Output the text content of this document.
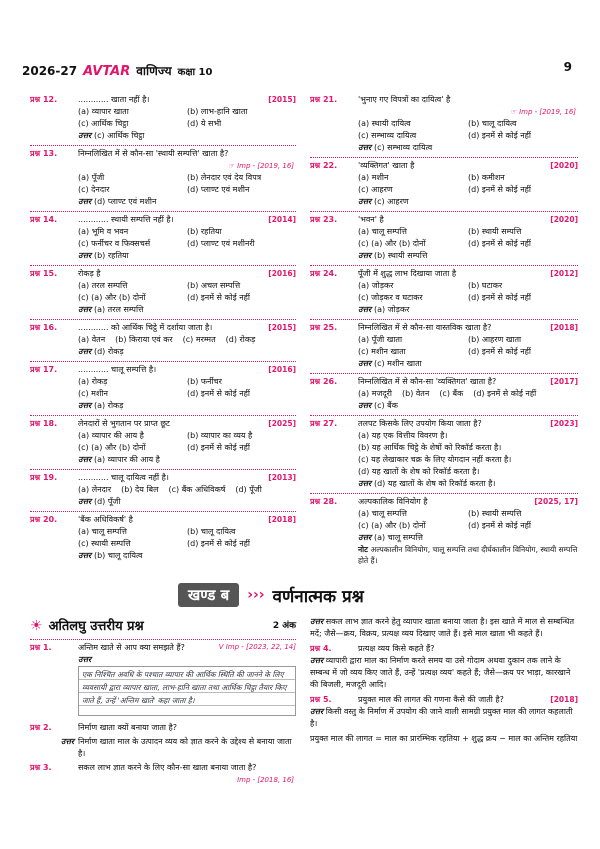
2026-27 AVTAR वाणिज्य कक्षा 10	9
प्रश्न 12.	............ खाता नहीं है।	[2015]
(a) व्यापार खाता	(b) लाभ-हानि खाता
(c) आर्थिक चिट्ठा	(d) ये सभी
उत्तर (c) आर्थिक चिट्ठा
प्रश्न 13.	निम्नलिखित में से कौन-सा 'स्थायी सम्पत्ति' खाता है?
☞ Imp - [2019, 16]
(a) पूँजी	(b) लेनदार एवं देय विपत्र
(c) देनदार	(d) प्लाण्ट एवं मशीन
उत्तर (d) प्लाण्ट एवं मशीन
प्रश्न 14.	............ स्थायी सम्पत्ति नहीं है।	[2014]
(a) भूमि व भवन	(b) रहतिया
(c) फर्नीचर व फिक्सचर्स	(d) प्लाण्ट एवं मशीनरी
उत्तर (b) रहतिया
प्रश्न 15.	रोकड़ है	[2016]
(a) तरल सम्पत्ति	(b) अचल सम्पत्ति
(c) (a) और (b) दोनों	(d) इनमें से कोई नहीं
उत्तर (a) तरल सम्पत्ति
प्रश्न 16.	............ को आर्थिक चिट्ठे में दर्शाया जाता है।	[2015]
(a) वेतन (b) किराया एवं कर (c) मरम्मत (d) रोकड़
उत्तर (d) रोकड़
प्रश्न 17.	............ चालू सम्पत्ति है।	[2016]
(a) रोकड़	(b) फर्नीचर
(c) मशीन	(d) इनमें से कोई नहीं
उत्तर (a) रोकड़
प्रश्न 18.	लेनदारों से भुगतान पर प्राप्त छूट	[2025]
(a) व्यापार की आय है	(b) व्यापार का व्यय है
(c) (a) और (b) दोनों	(d) इनमें से कोई नहीं
उत्तर (a) व्यापार की आय है
प्रश्न 19.	............ चालू दायित्व नहीं है।	[2013]
(a) लेनदार (b) देय बिल (c) बैंक अधिविकर्ष (d) पूँजी
उत्तर (d) पूँजी
प्रश्न 20.	'बैंक अधिविकर्ष' है	[2018]
(a) चालू सम्पत्ति	(b) चालू दायित्व
(c) स्थायी सम्पत्ति	(d) इनमें से कोई नहीं
उत्तर (b) चालू दायित्व
प्रश्न 21.	'भुनाए गए विपत्रों का दायित्व' है
☞ Imp - [2019, 16]
(a) स्थायी दायित्व	(b) चालू दायित्व
(c) सम्भाव्य दायित्व	(d) इनमें से कोई नहीं
उत्तर (c) सम्भाव्य दायित्व
प्रश्न 22.	'व्यक्तिगत' खाता है	[2020]
(a) मशीन	(b) कमीशन
(c) आहरण	(d) इनमें से कोई नहीं
उत्तर (c) आहरण
प्रश्न 23.	'भवन' है	[2020]
(a) चालू सम्पत्ति	(b) स्थायी सम्पत्ति
(c) (a) और (b) दोनों	(d) इनमें से कोई नहीं
उत्तर (b) स्थायी सम्पत्ति
प्रश्न 24.	पूँजी में शुद्ध लाभ दिखाया जाता है	[2012]
(a) जोड़कर	(b) घटाकर
(c) जोड़कर व घटाकर	(d) इनमें से कोई नहीं
उत्तर (a) जोड़कर
प्रश्न 25.	निम्नलिखित में से कौन-सा वास्तविक खाता है?	[2018]
(a) पूँजी खाता	(b) आहरण खाता
(c) मशीन खाता	(d) इनमें से कोई नहीं
उत्तर (c) मशीन खाता
प्रश्न 26.	निम्नलिखित में से कौन-सा 'व्यक्तिगत' खाता है?	[2017]
(a) मजदूरी (b) वेतन (c) बैंक (d) इनमें से कोई नहीं
उत्तर (c) बैंक
प्रश्न 27.	तलपट किसके लिए उपयोग किया जाता है?	[2023]
(a) यह एक वित्तीय विवरण है।
(b) यह आर्थिक चिट्ठे के शेषों को रिकॉर्ड करता है।
(c) यह लेखाकार चक्र के लिए योगदान नहीं करता है।
(d) यह खातों के शेष को रिकॉर्ड करता है।
उत्तर (d) यह खातों के शेष को रिकॉर्ड करता है।
प्रश्न 28.	अल्पकालिक विनियोग है	[2025, 17]
(a) चालू सम्पत्ति	(b) स्थायी सम्पत्ति
(c) (a) और (b) दोनों	(d) इनमें से कोई नहीं
उत्तर (a) चालू सम्पत्ति
नोट अल्पकालीन विनियोग, चालू सम्पत्ति तथा दीर्घकालीन विनियोग, स्थायी सम्पत्ति होते हैं।
खण्ड ब	››› वर्णनात्मक प्रश्न
☀ अतिलघु उत्तरीय प्रश्न	2 अंक
प्रश्न 1.	अन्तिम खाते से आप क्या समझते हैं?	V Imp - [2023, 22, 14]
उत्तर
एक निश्चित अवधि के पश्चात व्यापार की आर्थिक स्थिति की जानने के लिए व्यवसायी द्वारा व्यापार खाता, लाभ-हानि खाता तथा आर्थिक चिट्ठा तैयार किए जाते हैं, उन्हें 'अन्तिम खाते' कहा जाता है।
प्रश्न 2.	निर्माण खाता क्यों बनाया जाता है?
उत्तर निर्माण खाता माल के उत्पादन व्यय को ज्ञात करने के उद्देश्य से बनाया जाता है।
प्रश्न 3.	सकल लाभ ज्ञात करने के लिए कौन-सा खाता बनाया जाता है?
Imp - [2018, 16]
उत्तर सकल लाभ ज्ञात करने हेतु व्यापार खाता बनाया जाता है। इस खाते में माल से सम्बन्धित मदें; जैसे—क्रय, विक्रय, प्रत्यक्ष व्यय दिखाए जाते हैं। इसे माल खाता भी कहते हैं।
प्रश्न 4.	प्रत्यक्ष व्यय किसे कहते हैं?
उत्तर व्यापारी द्वारा माल का निर्माण करते समय या उसे गोदाम अथवा दुकान तक लाने के सम्बन्ध में जो व्यय किए जाते हैं, उन्हें 'प्रत्यक्ष व्यय' कहते हैं; जैसे—क्रय पर भाड़ा, कारखाने की बिजली, मजदूरी आदि।
प्रश्न 5.	प्रयुक्त माल की लागत की गणना कैसे की जाती है?	[2018]
उत्तर किसी वस्तु के निर्माण में उपयोग की जाने वाली सामग्री प्रयुक्त माल की लागत कहलाती है।
प्रयुक्त माल की लागत = माल का प्रारम्भिक रहतिया + शुद्ध क्रय − माल का अन्तिम रहतिया
